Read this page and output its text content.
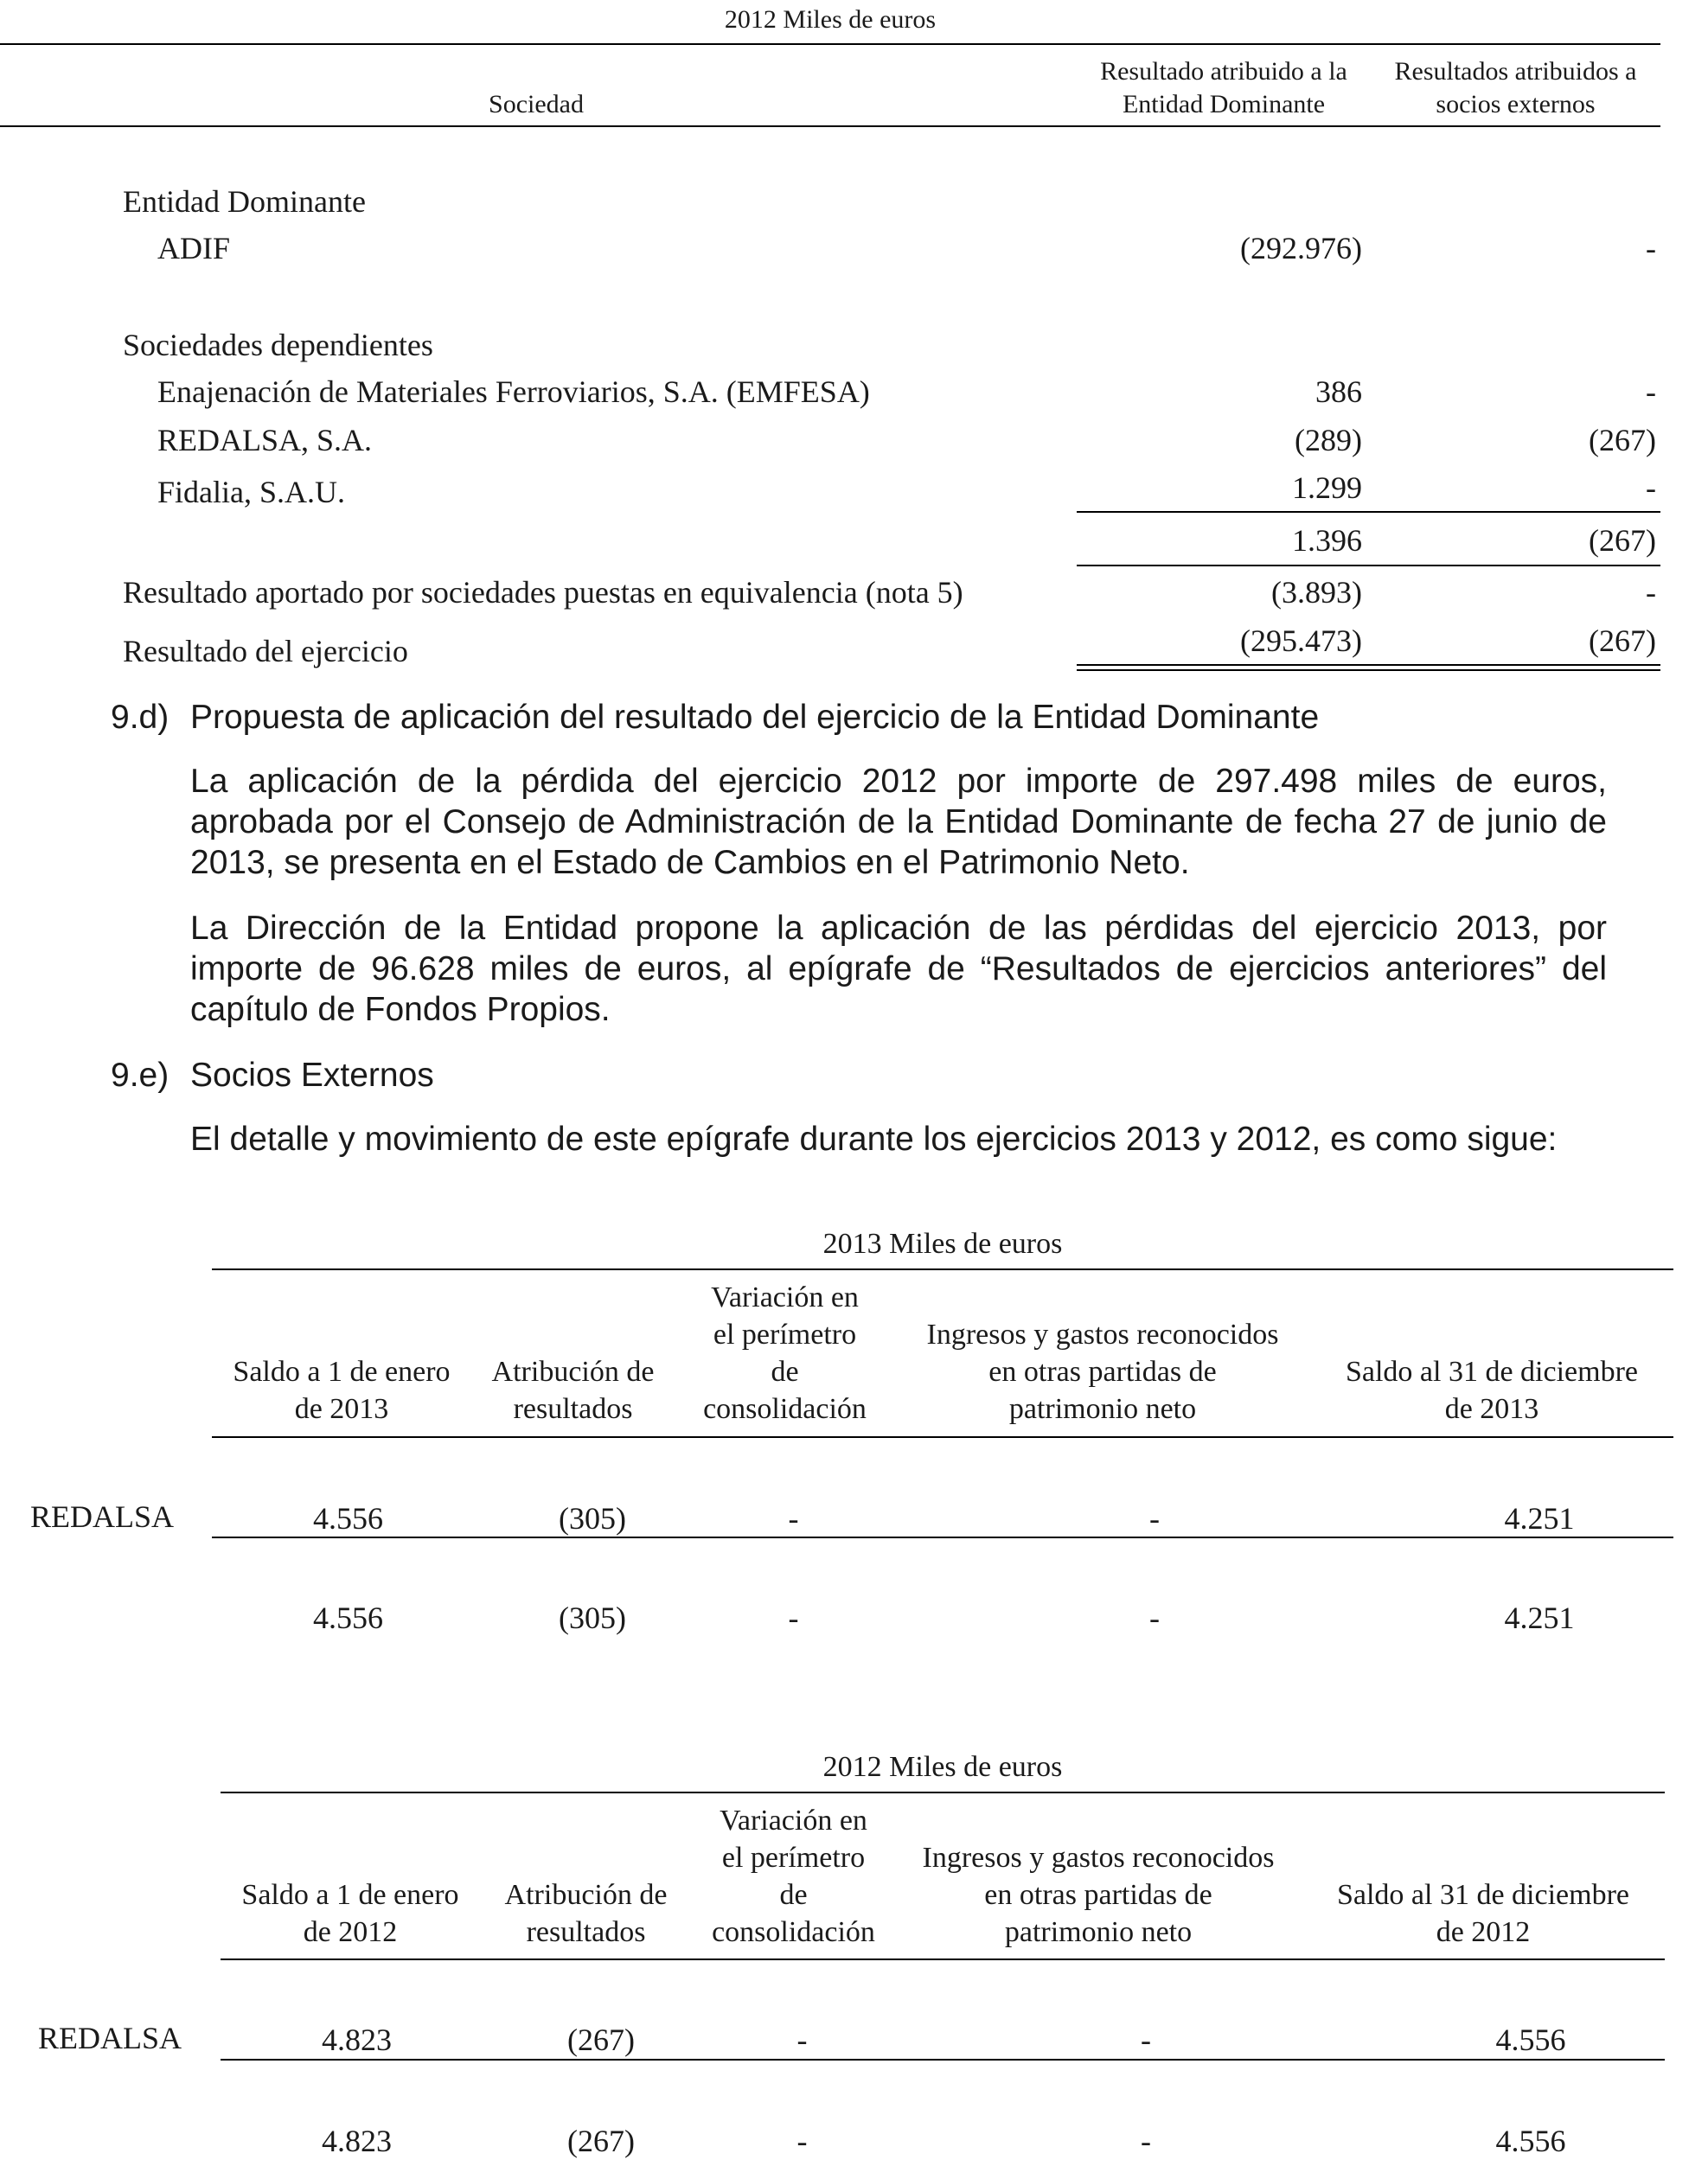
2012 Miles de euros
Sociedad
Resultado atribuido a la
Entidad Dominante
Resultados atribuidos a
socios externos
Entidad Dominante
ADIF	(292.976)	-
Sociedades dependientes
Enajenación de Materiales Ferroviarios, S.A. (EMFESA)	386	-
REDALSA, S.A.	(289)	(267)
Fidalia, S.A.U.	1.299	-
1.396	(267)
Resultado aportado por sociedades puestas en equivalencia (nota 5)	(3.893)	-
Resultado del ejercicio	(295.473)	(267)
9.d) Propuesta de aplicación del resultado del ejercicio de la Entidad Dominante
La aplicación de la pérdida del ejercicio 2012 por importe de 297.498 miles de euros, aprobada por el Consejo de Administración de la Entidad Dominante de fecha 27 de junio de 2013, se presenta en el Estado de Cambios en el Patrimonio Neto.
La Dirección de la Entidad propone la aplicación de las pérdidas del ejercicio 2013, por importe de 96.628 miles de euros, al epígrafe de “Resultados de ejercicios anteriores” del capítulo de Fondos Propios.
9.e) Socios Externos
El detalle y movimiento de este epígrafe durante los ejercicios 2013 y 2012, es como sigue:
2013 Miles de euros
Saldo a 1 de enero
de 2013
Atribución de
resultados
Variación en
el perímetro
de
consolidación
Ingresos y gastos reconocidos
en otras partidas de
patrimonio neto
Saldo al 31 de diciembre
de 2013
REDALSA	4.556	(305)	-	-	4.251
4.556	(305)	-	-	4.251
2012 Miles de euros
Saldo a 1 de enero
de 2012
Atribución de
resultados
Variación en
el perímetro
de
consolidación
Ingresos y gastos reconocidos
en otras partidas de
patrimonio neto
Saldo al 31 de diciembre
de 2012
REDALSA	4.823	(267)	-	-	4.556
4.823	(267)	-	-	4.556
